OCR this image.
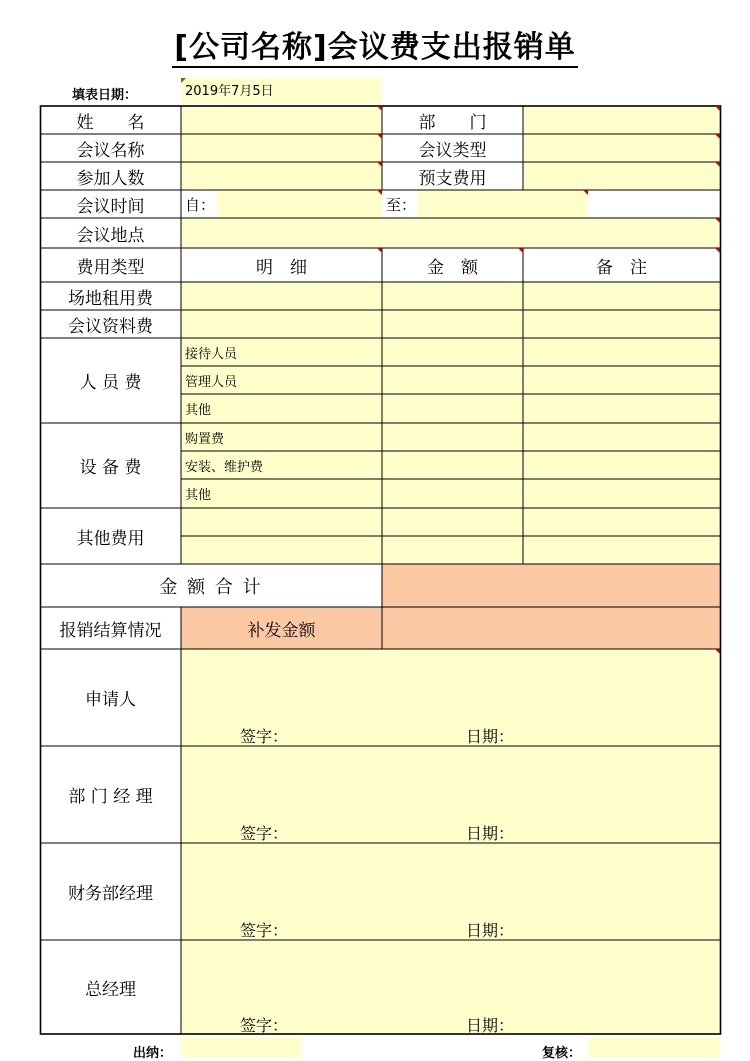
[公司名称]会议费支出报销单
填表日期：	2019年7月5日
姓　　名	部　　门
会议名称	会议类型
参加人数	预支费用
会议时间	自：	至：
会议地点
费用类型	明　细	金　额	备　注
场地租用费
会议资料费
人 员 费
接待人员
管理人员
其他
设 备 费
购置费
安装、维护费
其他
其他费用
金 额 合 计
报销结算情况	补发金额
申请人
签字：	日期：
部 门 经 理
签字：	日期：
财务部经理
签字：	日期：
总经理
签字：	日期：
出纳：	复核：
